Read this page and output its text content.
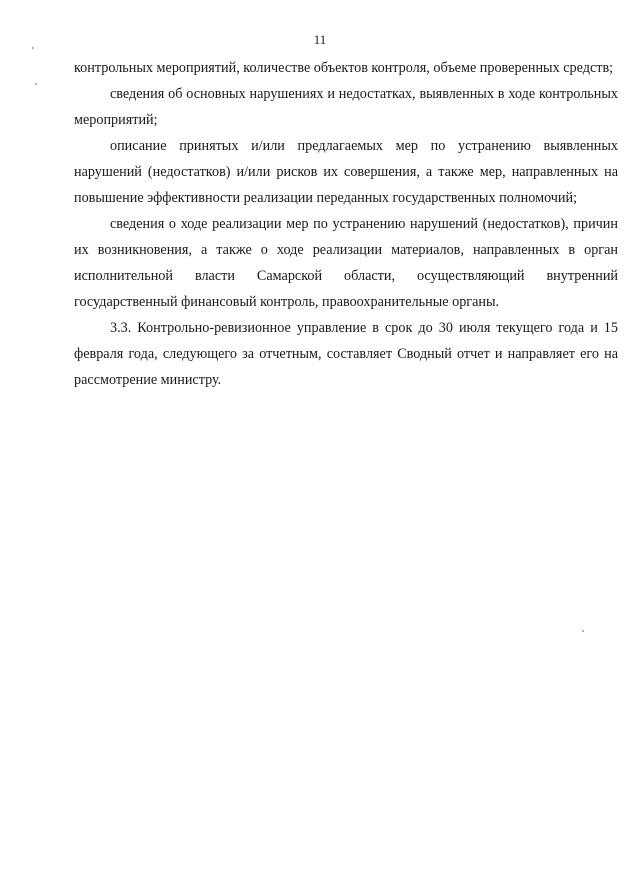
11

контрольных мероприятий, количестве объектов контроля, объеме проверенных средств;

сведения об основных нарушениях и недостатках, выявленных в ходе контрольных мероприятий;

описание принятых и/или предлагаемых мер по устранению выявленных нарушений (недостатков) и/или рисков их совершения, а также мер, направленных на повышение эффективности реализации переданных государственных полномочий;

сведения о ходе реализации мер по устранению нарушений (недостатков), причин их возникновения, а также о ходе реализации материалов, направленных в орган исполнительной власти Самарской области, осуществляющий внутренний государственный финансовый контроль, правоохранительные органы.

3.3. Контрольно-ревизионное управление в срок до 30 июля текущего года и 15 февраля года, следующего за отчетным, составляет Сводный отчет и направляет его на рассмотрение министру.
